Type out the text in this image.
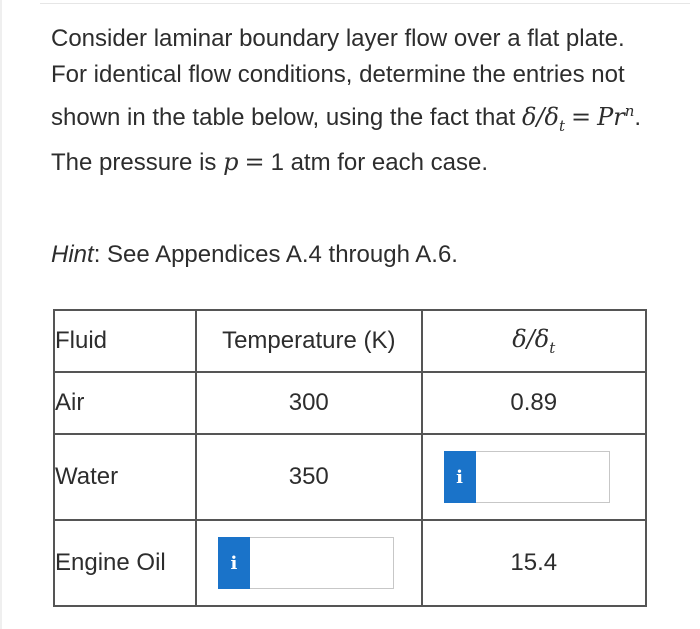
Consider laminar boundary layer flow over a flat plate. For identical flow conditions, determine the entries not shown in the table below, using the fact that $\delta/\delta_t = Pr^n$. The pressure is p = 1 atm for each case.
Hint: See Appendices A.4 through A.6.
Fluid	Temperature (K)	$\delta/\delta_t$
Air	300	0.89
Water	350	i

Engine Oil	i	15.4
